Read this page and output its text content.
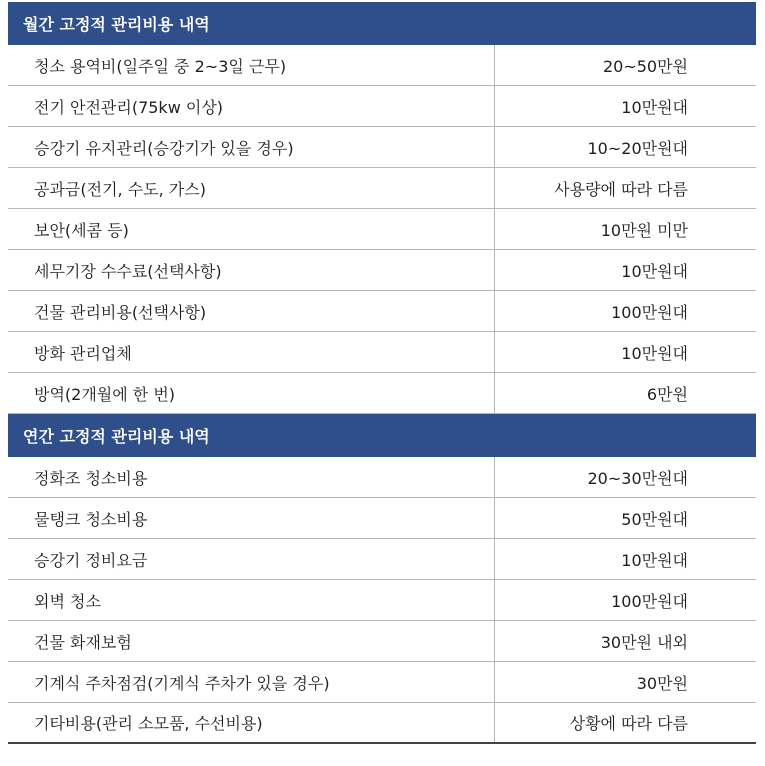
월간 고정적 관리비용 내역
청소 용역비(일주일 중 2~3일 근무)	20~50만원
전기 안전관리(75kw 이상)	10만원대
승강기 유지관리(승강기가 있을 경우)	10~20만원대
공과금(전기, 수도, 가스)	사용량에 따라 다름
보안(세콤 등)	10만원 미만
세무기장 수수료(선택사항)	10만원대
건물 관리비용(선택사항)	100만원대
방화 관리업체	10만원대
방역(2개월에 한 번)	6만원
연간 고정적 관리비용 내역
정화조 청소비용	20~30만원대
물탱크 청소비용	50만원대
승강기 정비요금	10만원대
외벽 청소	100만원대
건물 화재보험	30만원 내외
기계식 주차점검(기계식 주차가 있을 경우)	30만원
기타비용(관리 소모품, 수선비용)	상황에 따라 다름
